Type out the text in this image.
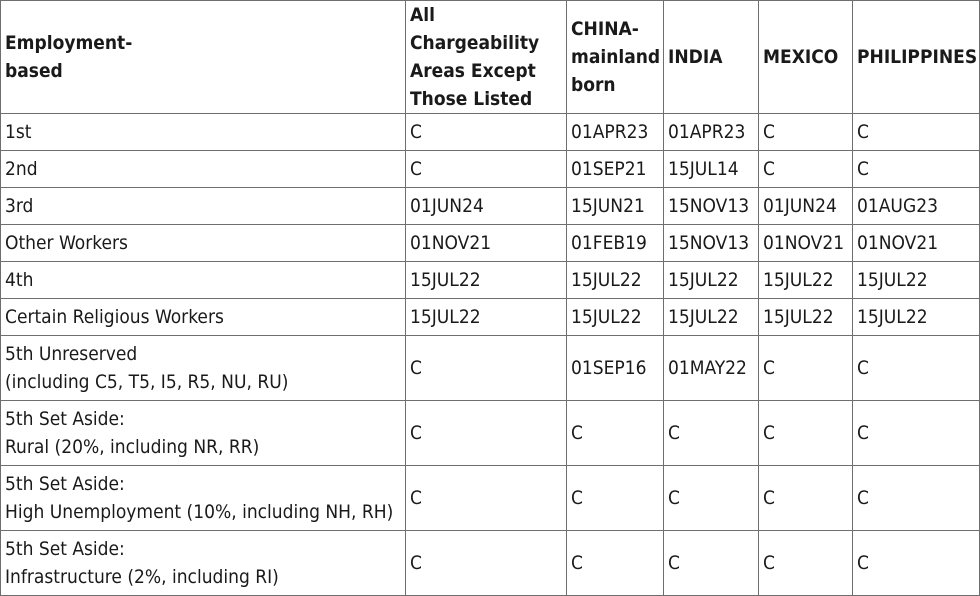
Employment-
based	All Chargeability
Areas Except
Those Listed	CHINA-
mainland
born	INDIA	MEXICO	PHILIPPINES
1st	C	01APR23	01APR23	C	C
2nd	C	01SEP21	15JUL14	C	C
3rd	01JUN24	15JUN21	15NOV13	01JUN24	01AUG23
Other Workers	01NOV21	01FEB19	15NOV13	01NOV21	01NOV21
4th	15JUL22	15JUL22	15JUL22	15JUL22	15JUL22
Certain Religious Workers	15JUL22	15JUL22	15JUL22	15JUL22	15JUL22
5th Unreserved
(including C5, T5, I5, R5, NU, RU)	C	01SEP16	01MAY22	C	C
5th Set Aside:
Rural (20%, including NR, RR)	C	C	C	C	C
5th Set Aside:
High Unemployment (10%, including NH, RH)	C	C	C	C	C
5th Set Aside:
Infrastructure (2%, including RI)	C	C	C	C	C
